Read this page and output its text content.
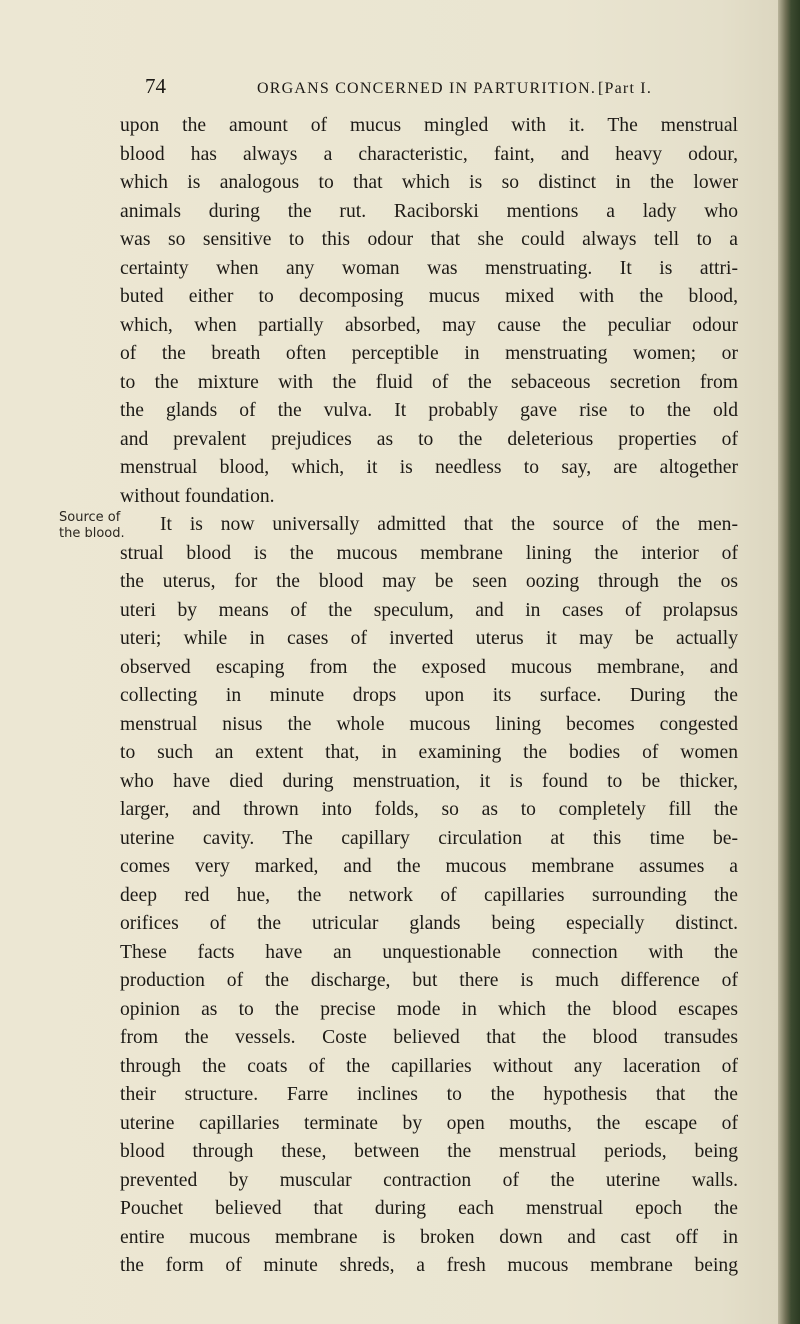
74	ORGANS CONCERNED IN PARTURITION. [Part I.
Source of
the blood.
upon the amount of mucus mingled with it. The menstrual
blood has always a characteristic, faint, and heavy odour,
which is analogous to that which is so distinct in the lower
animals during the rut. Raciborski mentions a lady who
was so sensitive to this odour that she could always tell to a
certainty when any woman was menstruating. It is attri-
buted either to decomposing mucus mixed with the blood,
which, when partially absorbed, may cause the peculiar odour
of the breath often perceptible in menstruating women; or
to the mixture with the fluid of the sebaceous secretion from
the glands of the vulva. It probably gave rise to the old
and prevalent prejudices as to the deleterious properties of
menstrual blood, which, it is needless to say, are altogether
without foundation.
It is now universally admitted that the source of the men-
strual blood is the mucous membrane lining the interior of
the uterus, for the blood may be seen oozing through the os
uteri by means of the speculum, and in cases of prolapsus
uteri; while in cases of inverted uterus it may be actually
observed escaping from the exposed mucous membrane, and
collecting in minute drops upon its surface. During the
menstrual nisus the whole mucous lining becomes congested
to such an extent that, in examining the bodies of women
who have died during menstruation, it is found to be thicker,
larger, and thrown into folds, so as to completely fill the
uterine cavity. The capillary circulation at this time be-
comes very marked, and the mucous membrane assumes a
deep red hue, the network of capillaries surrounding the
orifices of the utricular glands being especially distinct.
These facts have an unquestionable connection with the
production of the discharge, but there is much difference of
opinion as to the precise mode in which the blood escapes
from the vessels. Coste believed that the blood transudes
through the coats of the capillaries without any laceration of
their structure. Farre inclines to the hypothesis that the
uterine capillaries terminate by open mouths, the escape of
blood through these, between the menstrual periods, being
prevented by muscular contraction of the uterine walls.
Pouchet believed that during each menstrual epoch the
entire mucous membrane is broken down and cast off in
the form of minute shreds, a fresh mucous membrane being
